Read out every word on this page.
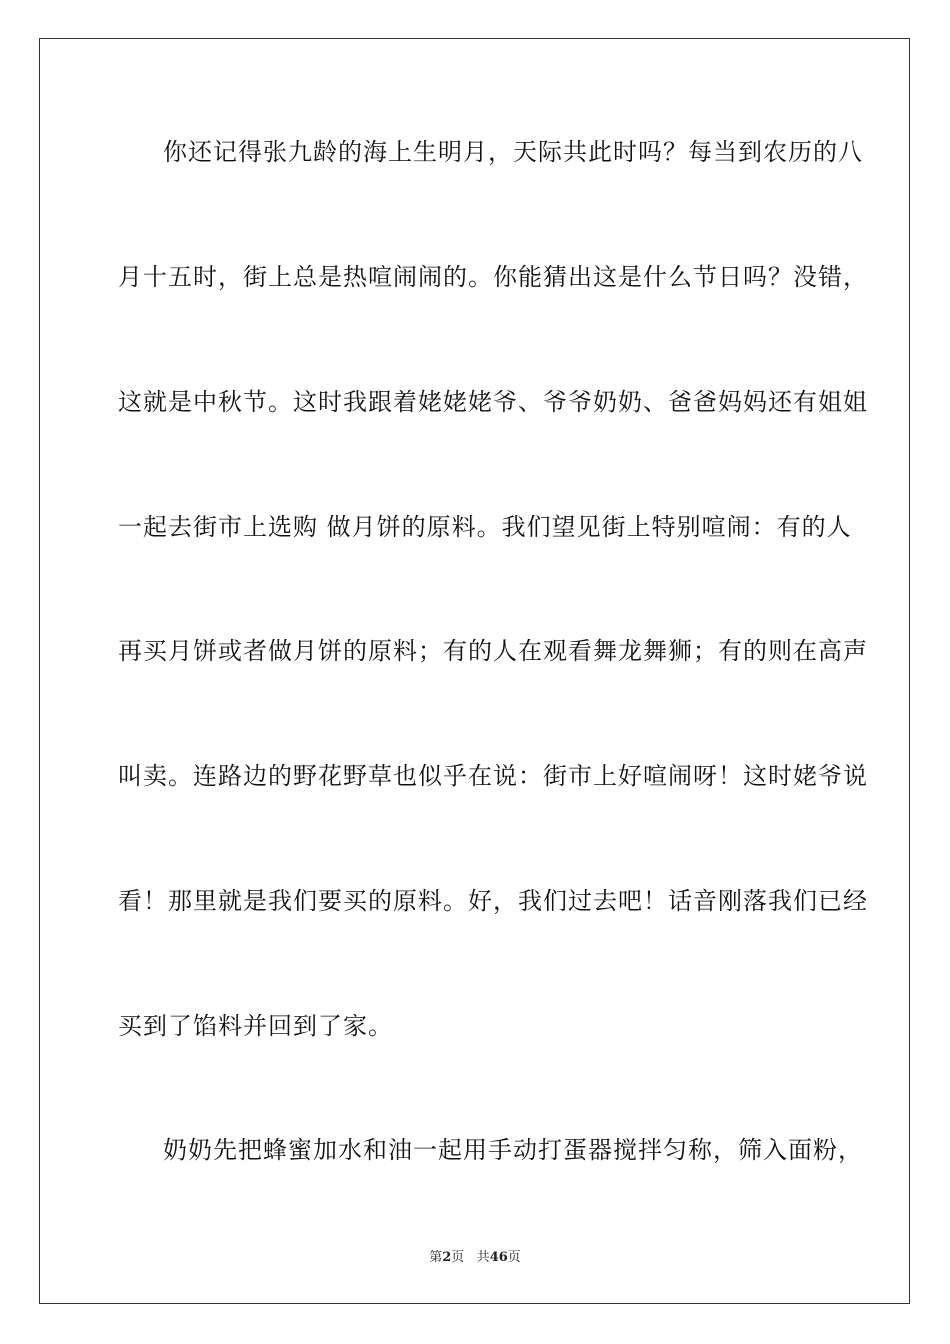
你还记得张九龄的海上生明月，天际共此时吗？每当到农历的八
月十五时，街上总是热喧闹闹的。你能猜出这是什么节日吗？没错，
这就是中秋节。这时我跟着姥姥姥爷、爷爷奶奶、爸爸妈妈还有姐姐
一起去街市上选购 做月饼的原料。我们望见街上特别喧闹：有的人
再买月饼或者做月饼的原料；有的人在观看舞龙舞狮；有的则在高声
叫卖。连路边的野花野草也似乎在说：街市上好喧闹呀！这时姥爷说
看！那里就是我们要买的原料。好，我们过去吧！话音刚落我们已经
买到了馅料并回到了家。
奶奶先把蜂蜜加水和油一起用手动打蛋器搅拌匀称，筛入面粉，
第2页 共46页
